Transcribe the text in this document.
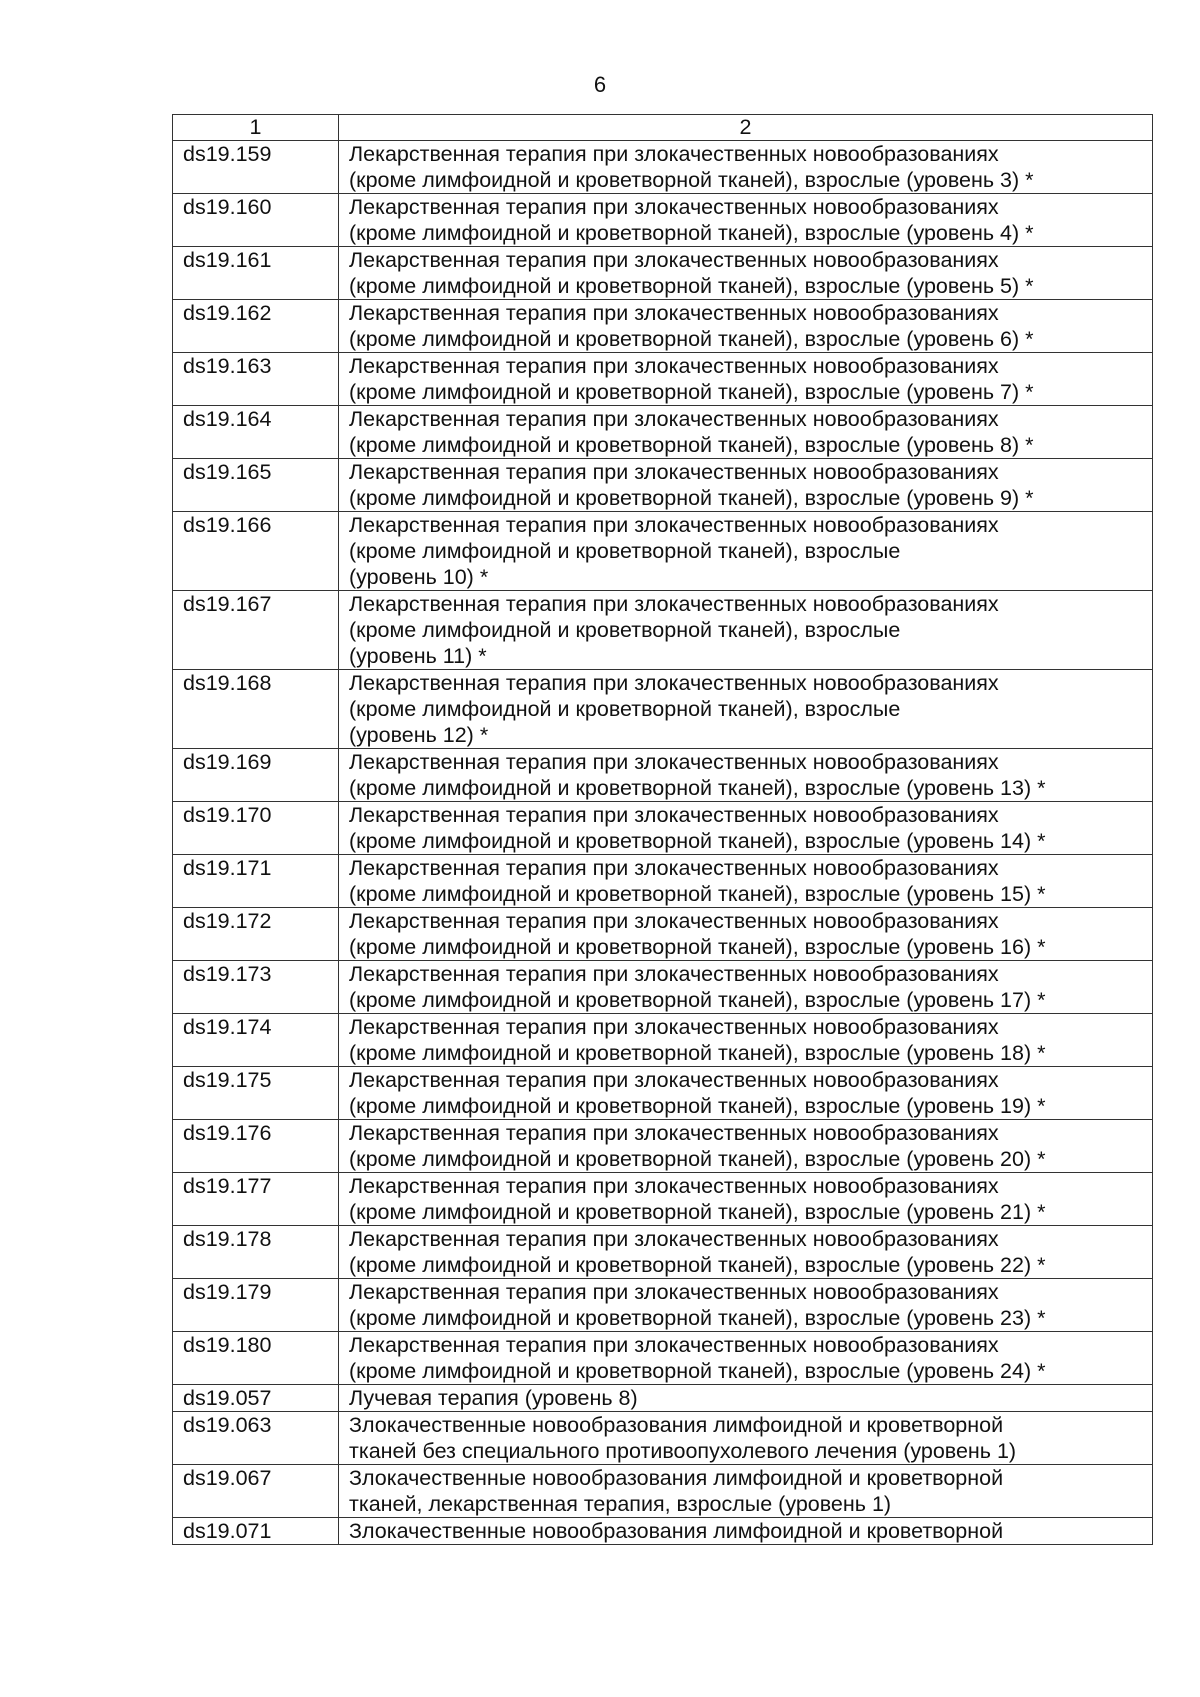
6
1	2
ds19.159	Лекарственная терапия при злокачественных новообразованиях
(кроме лимфоидной и кроветворной тканей), взрослые (уровень 3) *
ds19.160	Лекарственная терапия при злокачественных новообразованиях
(кроме лимфоидной и кроветворной тканей), взрослые (уровень 4) *
ds19.161	Лекарственная терапия при злокачественных новообразованиях
(кроме лимфоидной и кроветворной тканей), взрослые (уровень 5) *
ds19.162	Лекарственная терапия при злокачественных новообразованиях
(кроме лимфоидной и кроветворной тканей), взрослые (уровень 6) *
ds19.163	Лекарственная терапия при злокачественных новообразованиях
(кроме лимфоидной и кроветворной тканей), взрослые (уровень 7) *
ds19.164	Лекарственная терапия при злокачественных новообразованиях
(кроме лимфоидной и кроветворной тканей), взрослые (уровень 8) *
ds19.165	Лекарственная терапия при злокачественных новообразованиях
(кроме лимфоидной и кроветворной тканей), взрослые (уровень 9) *
ds19.166	Лекарственная терапия при злокачественных новообразованиях
(кроме лимфоидной и кроветворной тканей), взрослые
(уровень 10) *
ds19.167	Лекарственная терапия при злокачественных новообразованиях
(кроме лимфоидной и кроветворной тканей), взрослые
(уровень 11) *
ds19.168	Лекарственная терапия при злокачественных новообразованиях
(кроме лимфоидной и кроветворной тканей), взрослые
(уровень 12) *
ds19.169	Лекарственная терапия при злокачественных новообразованиях
(кроме лимфоидной и кроветворной тканей), взрослые (уровень 13) *
ds19.170	Лекарственная терапия при злокачественных новообразованиях
(кроме лимфоидной и кроветворной тканей), взрослые (уровень 14) *
ds19.171	Лекарственная терапия при злокачественных новообразованиях
(кроме лимфоидной и кроветворной тканей), взрослые (уровень 15) *
ds19.172	Лекарственная терапия при злокачественных новообразованиях
(кроме лимфоидной и кроветворной тканей), взрослые (уровень 16) *
ds19.173	Лекарственная терапия при злокачественных новообразованиях
(кроме лимфоидной и кроветворной тканей), взрослые (уровень 17) *
ds19.174	Лекарственная терапия при злокачественных новообразованиях
(кроме лимфоидной и кроветворной тканей), взрослые (уровень 18) *
ds19.175	Лекарственная терапия при злокачественных новообразованиях
(кроме лимфоидной и кроветворной тканей), взрослые (уровень 19) *
ds19.176	Лекарственная терапия при злокачественных новообразованиях
(кроме лимфоидной и кроветворной тканей), взрослые (уровень 20) *
ds19.177	Лекарственная терапия при злокачественных новообразованиях
(кроме лимфоидной и кроветворной тканей), взрослые (уровень 21) *
ds19.178	Лекарственная терапия при злокачественных новообразованиях
(кроме лимфоидной и кроветворной тканей), взрослые (уровень 22) *
ds19.179	Лекарственная терапия при злокачественных новообразованиях
(кроме лимфоидной и кроветворной тканей), взрослые (уровень 23) *
ds19.180	Лекарственная терапия при злокачественных новообразованиях
(кроме лимфоидной и кроветворной тканей), взрослые (уровень 24) *
ds19.057	Лучевая терапия (уровень 8)
ds19.063	Злокачественные новообразования лимфоидной и кроветворной
тканей без специального противоопухолевого лечения (уровень 1)
ds19.067	Злокачественные новообразования лимфоидной и кроветворной
тканей, лекарственная терапия, взрослые (уровень 1)
ds19.071	Злокачественные новообразования лимфоидной и кроветворной
